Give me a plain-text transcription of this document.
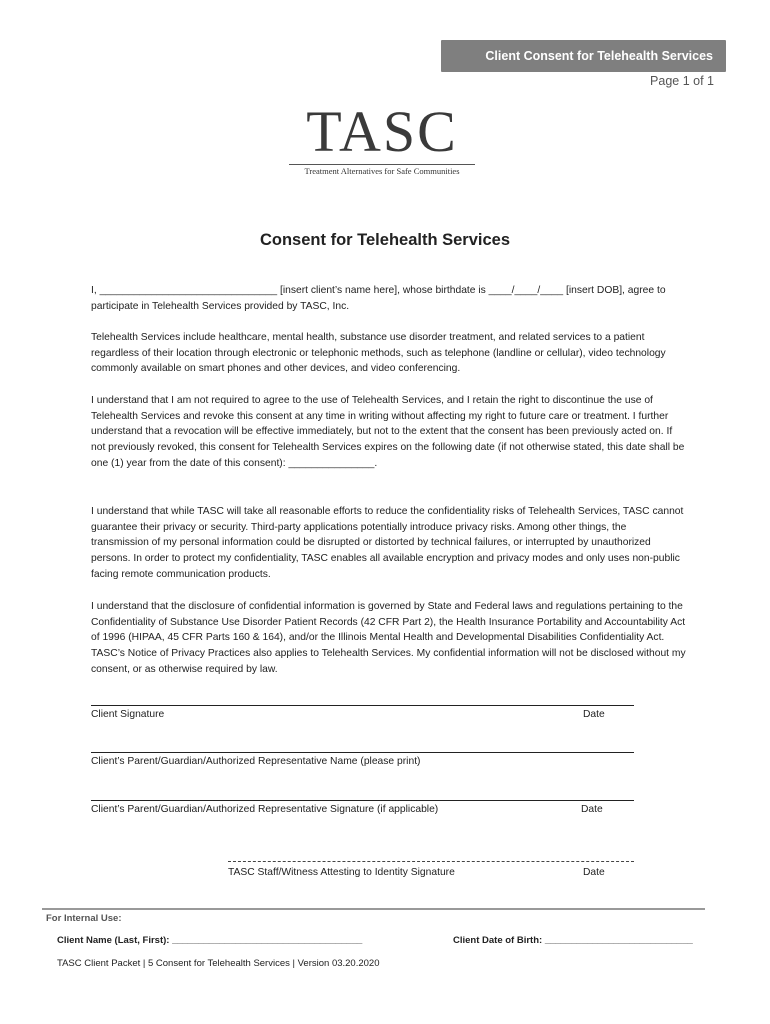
Client Consent for Telehealth Services
Page 1 of 1
TASC
Treatment Alternatives for Safe Communities
Consent for Telehealth Services

I, _______________________________ [insert client’s name here], whose birthdate is ____/____/____ [insert DOB], agree to participate in Telehealth Services provided by TASC, Inc.

Telehealth Services include healthcare, mental health, substance use disorder treatment, and related services to a patient regardless of their location through electronic or telephonic methods, such as telephone (landline or cellular), video technology commonly available on smart phones and other devices, and video conferencing.

I understand that I am not required to agree to the use of Telehealth Services, and I retain the right to discontinue the use of Telehealth Services and revoke this consent at any time in writing without affecting my right to future care or treatment. I further understand that a revocation will be effective immediately, but not to the extent that the consent has been previously acted on. If not previously revoked, this consent for Telehealth Services expires on the following date (if not otherwise stated, this date shall be one (1) year from the date of this consent): _______________.

I understand that while TASC will take all reasonable efforts to reduce the confidentiality risks of Telehealth Services, TASC cannot guarantee their privacy or security. Third-party applications potentially introduce privacy risks. Among other things, the transmission of my personal information could be disrupted or distorted by technical failures, or interrupted by unauthorized persons. In order to protect my confidentiality, TASC enables all available encryption and privacy modes and only uses non-public facing remote communication products.

I understand that the disclosure of confidential information is governed by State and Federal laws and regulations pertaining to the Confidentiality of Substance Use Disorder Patient Records (42 CFR Part 2), the Health Insurance Portability and Accountability Act of 1996 (HIPAA, 45 CFR Parts 160 & 164), and/or the Illinois Mental Health and Developmental Disabilities Confidentiality Act. TASC’s Notice of Privacy Practices also applies to Telehealth Services. My confidential information will not be disclosed without my consent, or as otherwise required by law.

Client Signature	Date
Client’s Parent/Guardian/Authorized Representative Name (please print)
Client’s Parent/Guardian/Authorized Representative Signature (if applicable)	Date
TASC Staff/Witness Attesting to Identity Signature	Date
For Internal Use:
Client Name (Last, First): ____________________________________	Client Date of Birth: ____________________________
TASC Client Packet | 5 Consent for Telehealth Services | Version 03.20.2020
